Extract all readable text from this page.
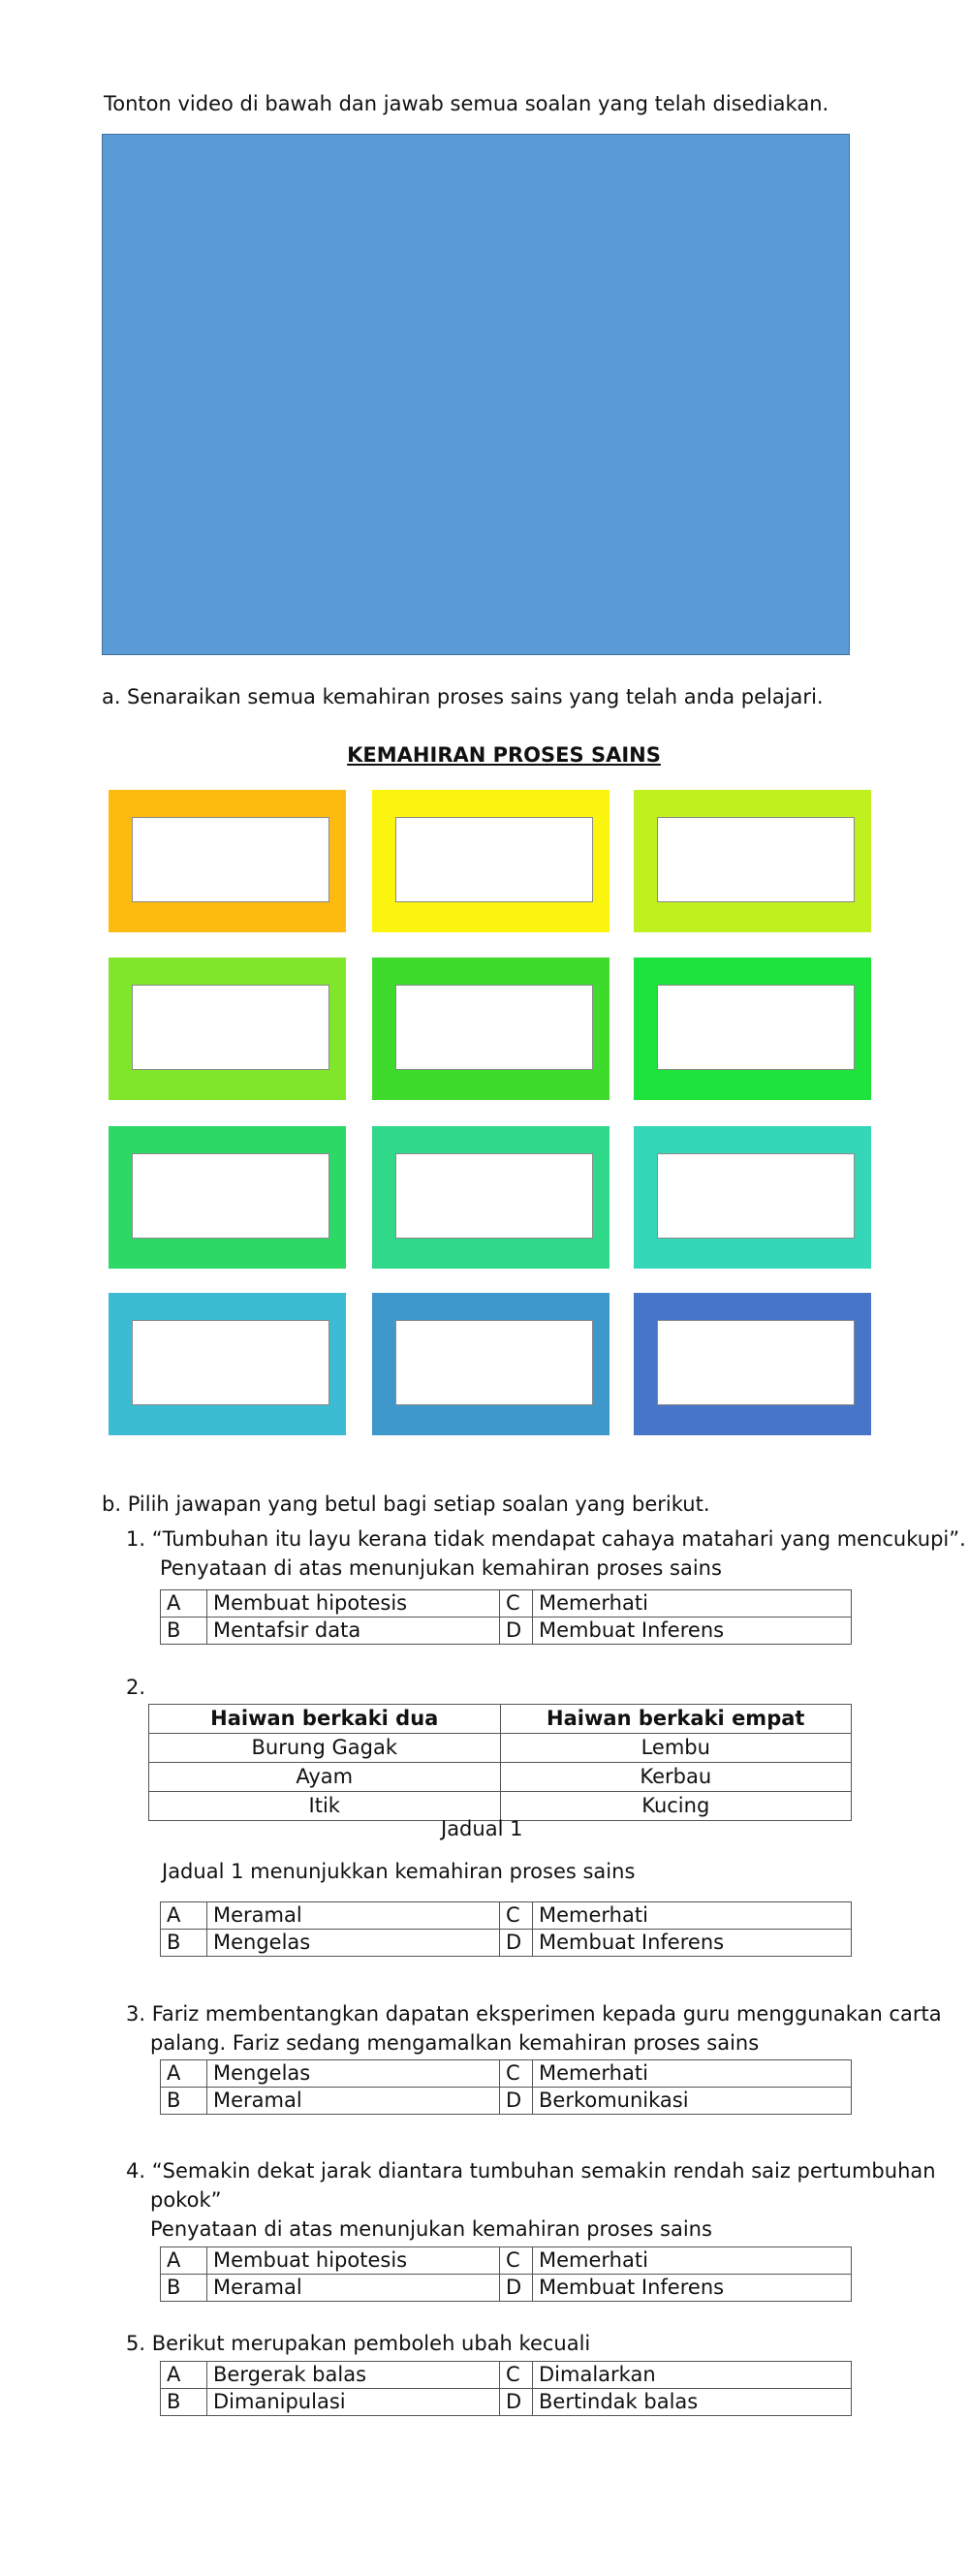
Tonton video di bawah dan jawab semua soalan yang telah disediakan.
a. Senaraikan semua kemahiran proses sains yang telah anda pelajari.
KEMAHIRAN PROSES SAINS
b. Pilih jawapan yang betul bagi setiap soalan yang berikut.
1. “Tumbuhan itu layu kerana tidak mendapat cahaya matahari yang mencukupi”.
Penyataan di atas menunjukan kemahiran proses sains
A	Membuat hipotesis	C	Memerhati
B	Mentafsir data	D	Membuat Inferens
2.
Haiwan berkaki dua	Haiwan berkaki empat
Burung Gagak	Lembu
Ayam	Kerbau
Itik	Kucing
Jadual 1
Jadual 1 menunjukkan kemahiran proses sains
A	Meramal	C	Memerhati
B	Mengelas	D	Membuat Inferens
3. Fariz membentangkan dapatan eksperimen kepada guru menggunakan carta
palang. Fariz sedang mengamalkan kemahiran proses sains
A	Mengelas	C	Memerhati
B	Meramal	D	Berkomunikasi
4. “Semakin dekat jarak diantara tumbuhan semakin rendah saiz pertumbuhan
pokok”
Penyataan di atas menunjukan kemahiran proses sains
A	Membuat hipotesis	C	Memerhati
B	Meramal	D	Membuat Inferens
5. Berikut merupakan pemboleh ubah kecuali
A	Bergerak balas	C	Dimalarkan
B	Dimanipulasi	D	Bertindak balas
